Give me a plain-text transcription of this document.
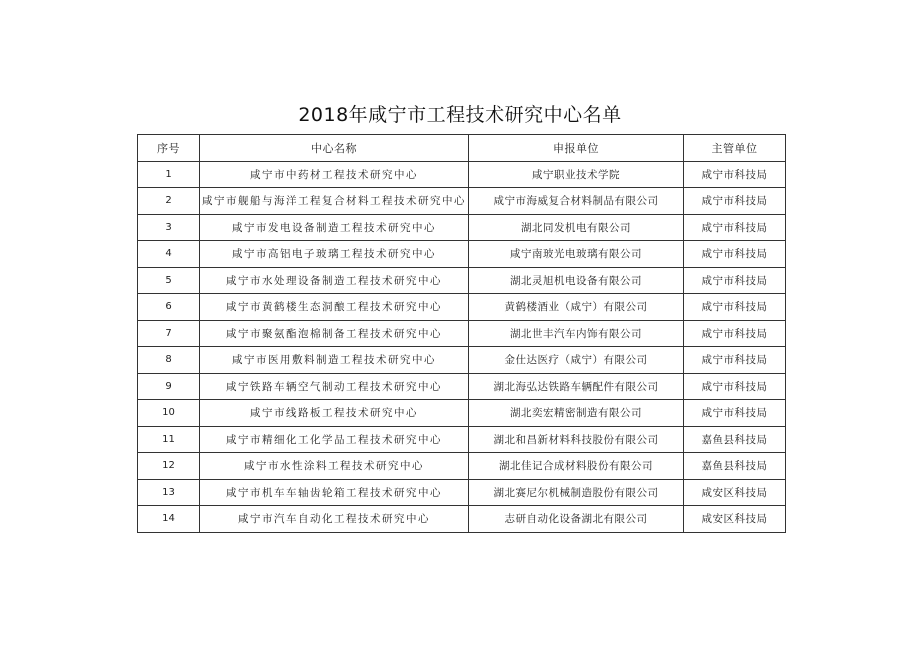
2018年咸宁市工程技术研究中心名单
序号	中心名称	申报单位	主管单位
1	咸宁市中药材工程技术研究中心	咸宁职业技术学院	咸宁市科技局
2	咸宁市舰船与海洋工程复合材料工程技术研究中心	咸宁市海威复合材料制品有限公司	咸宁市科技局
3	咸宁市发电设备制造工程技术研究中心	湖北同发机电有限公司	咸宁市科技局
4	咸宁市高铝电子玻璃工程技术研究中心	咸宁南玻光电玻璃有限公司	咸宁市科技局
5	咸宁市水处理设备制造工程技术研究中心	湖北灵旭机电设备有限公司	咸宁市科技局
6	咸宁市黄鹤楼生态洞酿工程技术研究中心	黄鹤楼酒业（咸宁）有限公司	咸宁市科技局
7	咸宁市聚氨酯泡棉制备工程技术研究中心	湖北世丰汽车内饰有限公司	咸宁市科技局
8	咸宁市医用敷料制造工程技术研究中心	金仕达医疗（咸宁）有限公司	咸宁市科技局
9	咸宁铁路车辆空气制动工程技术研究中心	湖北海弘达铁路车辆配件有限公司	咸宁市科技局
10	咸宁市线路板工程技术研究中心	湖北奕宏精密制造有限公司	咸宁市科技局
11	咸宁市精细化工化学品工程技术研究中心	湖北和昌新材料科技股份有限公司	嘉鱼县科技局
12	咸宁市水性涂料工程技术研究中心	湖北佳记合成材料股份有限公司	嘉鱼县科技局
13	咸宁市机车车轴齿轮箱工程技术研究中心	湖北赛尼尔机械制造股份有限公司	咸安区科技局
14	咸宁市汽车自动化工程技术研究中心	志研自动化设备湖北有限公司	咸安区科技局
